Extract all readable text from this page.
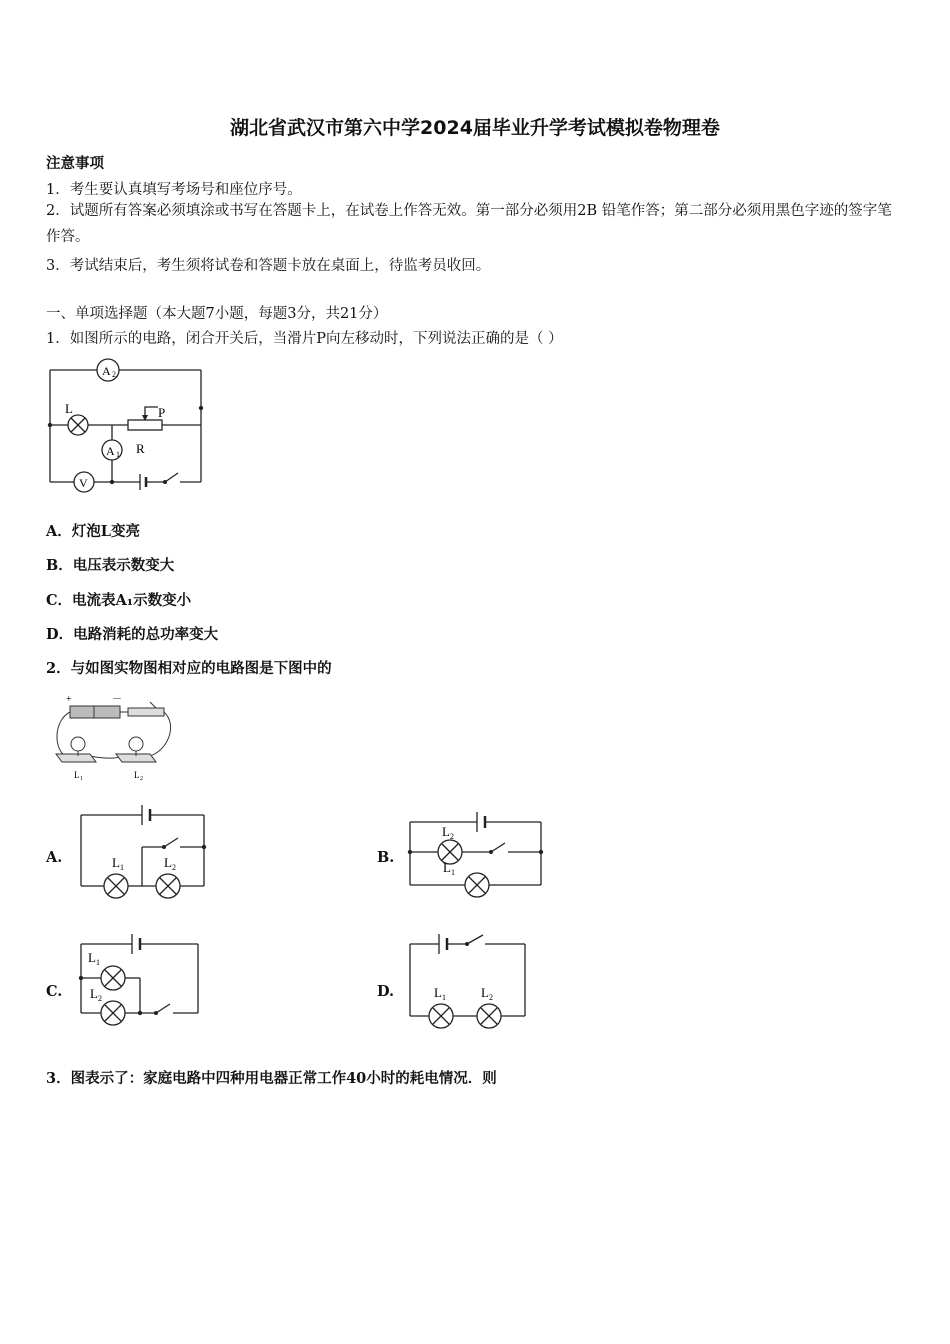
湖北省武汉市第六中学2024届毕业升学考试模拟卷物理卷
注意事项
1．考生要认真填写考场号和座位序号。
2．试题所有答案必须填涂或书写在答题卡上，在试卷上作答无效。第一部分必须用2B 铅笔作答；第二部分必须用黑色字迹的签字笔作答。
3．考试结束后，考生须将试卷和答题卡放在桌面上，待监考员收回。
一、单项选择题（本大题7小题，每题3分，共21分）
1．如图所示的电路，闭合开关后，当滑片P向左移动时，下列说法正确的是（ ）
A 2
A 1
V
L
R
P
A．灯泡L变亮
B．电压表示数变大
C．电流表A₁示数变小
D．电路消耗的总功率变大
2．与如图实物图相对应的电路图是下图中的
+	－
L 1	L 2
A.	L 1	L 2
B.
L 2
L 1
C.
L 1
L 2	D.	L 1	L 2
3．图表示了：家庭电路中四种用电器正常工作40小时的耗电情况．则
